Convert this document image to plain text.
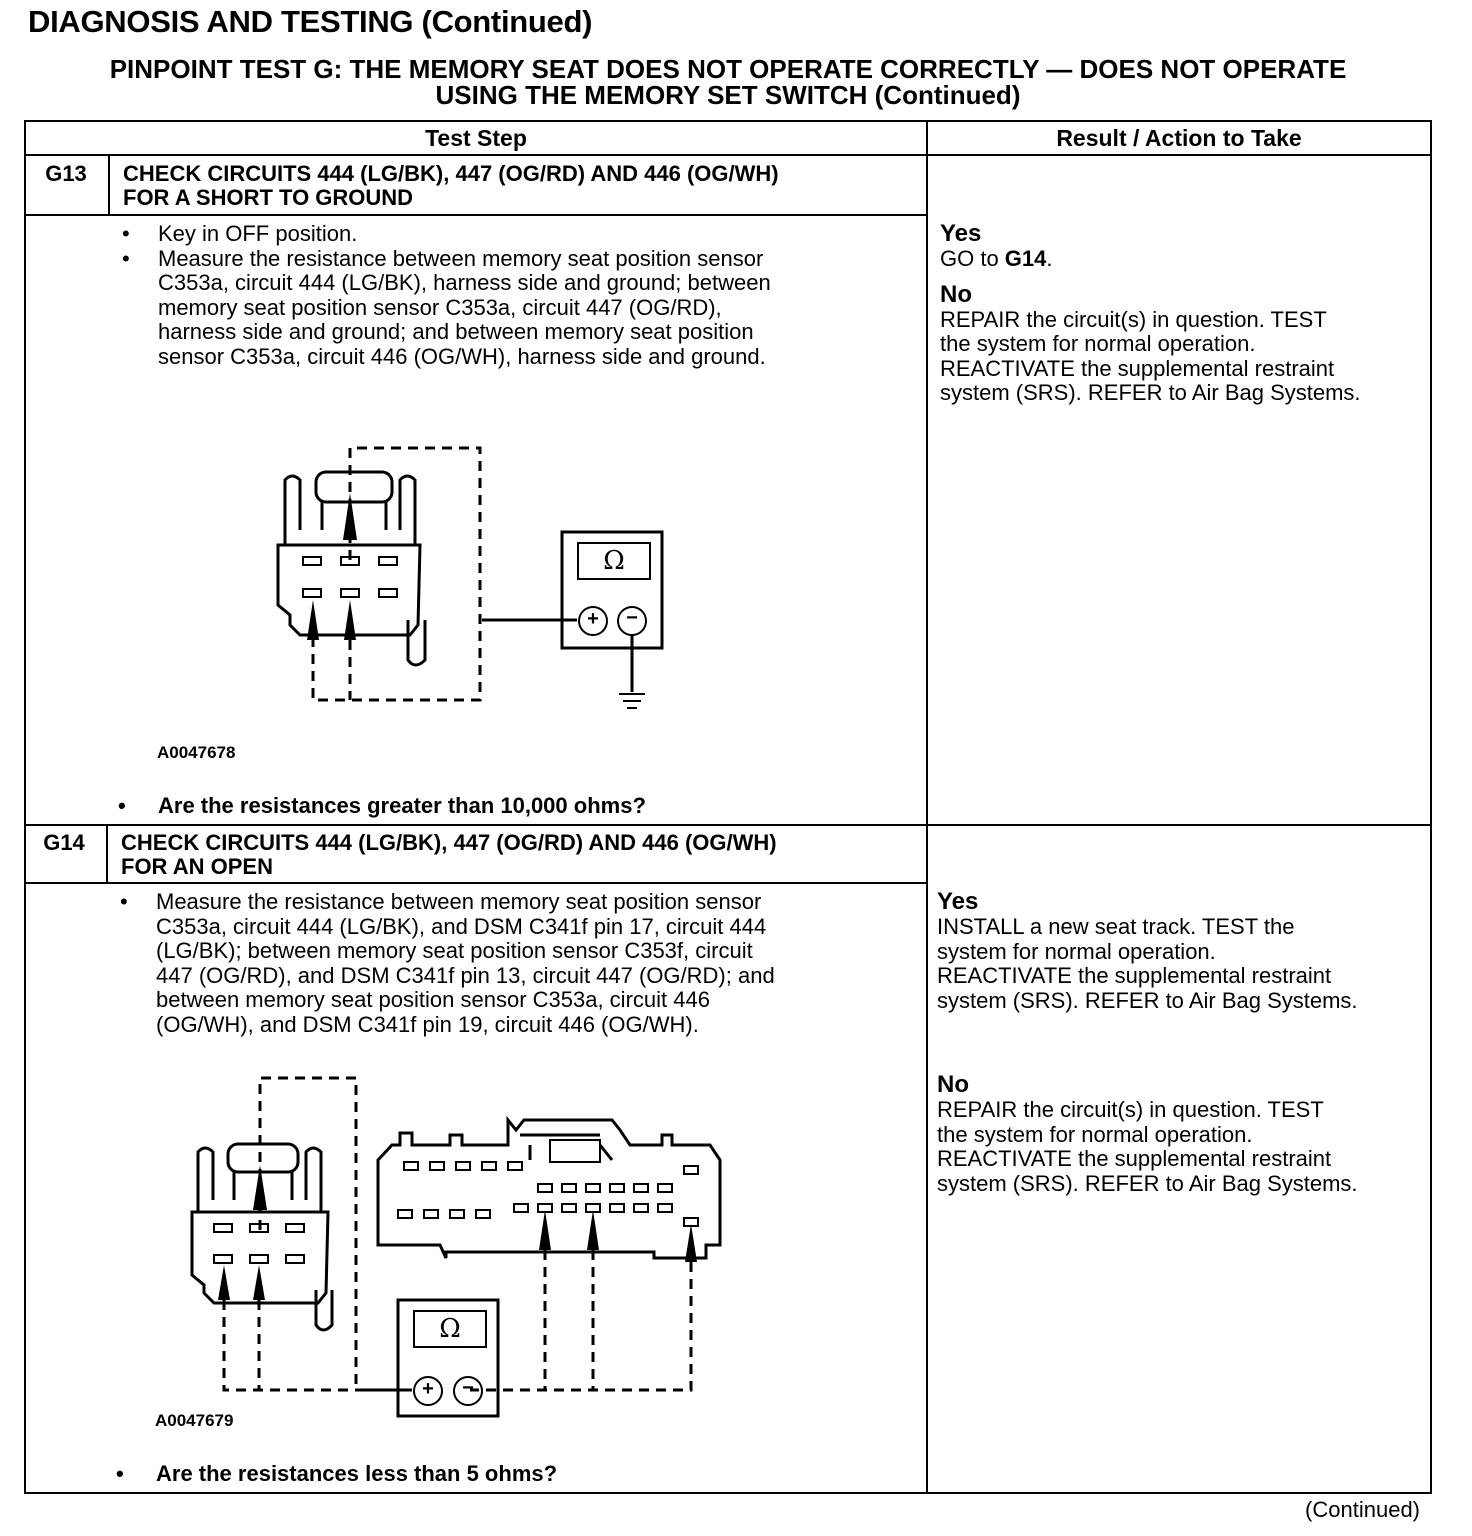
DIAGNOSIS AND TESTING (Continued)
PINPOINT TEST G: THE MEMORY SEAT DOES NOT OPERATE CORRECTLY — DOES NOT OPERATE
USING THE MEMORY SET SWITCH (Continued)
Test Step	Result / Action to Take
G13	CHECK CIRCUITS 444 (LG/BK), 447 (OG/RD) AND 446 (OG/WH)
FOR A SHORT TO GROUND
• Key in OFF position.
• Measure the resistance between memory seat position sensor
C353a, circuit 444 (LG/BK), harness side and ground; between
memory seat position sensor C353a, circuit 447 (OG/RD),
harness side and ground; and between memory seat position
sensor C353a, circuit 446 (OG/WH), harness side and ground.
Ω
+	−
A0047678
• Are the resistances greater than 10,000 ohms?
Yes
GO to G14.
No
REPAIR the circuit(s) in question. TEST
the system for normal operation.
REACTIVATE the supplemental restraint
system (SRS). REFER to Air Bag Systems.
G14	CHECK CIRCUITS 444 (LG/BK), 447 (OG/RD) AND 446 (OG/WH)
FOR AN OPEN
• Measure the resistance between memory seat position sensor
C353a, circuit 444 (LG/BK), and DSM C341f pin 17, circuit 444
(LG/BK); between memory seat position sensor C353f, circuit
447 (OG/RD), and DSM C341f pin 13, circuit 447 (OG/RD); and
between memory seat position sensor C353a, circuit 446
(OG/WH), and DSM C341f pin 19, circuit 446 (OG/WH).
Ω
+	−
A0047679
• Are the resistances less than 5 ohms?
Yes
INSTALL a new seat track. TEST the
system for normal operation.
REACTIVATE the supplemental restraint
system (SRS). REFER to Air Bag Systems.
No
REPAIR the circuit(s) in question. TEST
the system for normal operation.
REACTIVATE the supplemental restraint
system (SRS). REFER to Air Bag Systems.
(Continued)
